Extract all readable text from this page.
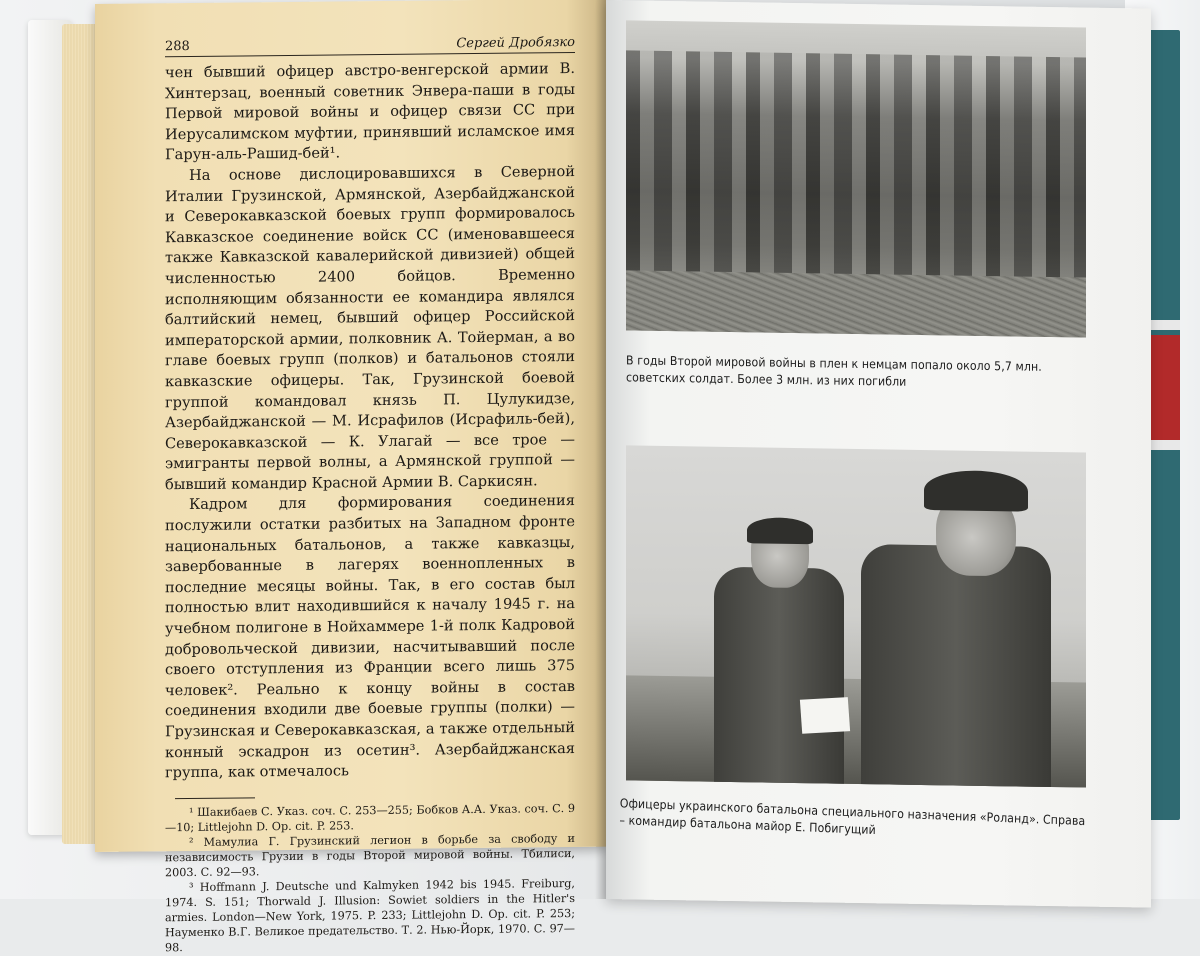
288	Сергей Дробязко

чен бывший офицер австро-венгерской армии В. Хинтерзац, военный советник Энвера-паши в годы Первой мировой войны и офицер связи СС при Иерусалимском муфтии, принявший исламское имя Гарун-аль-Рашид-бей¹.

На основе дислоцировавшихся в Северной Италии Грузинской, Армянской, Азербайджанской и Северокавказской боевых групп формировалось Кавказское соединение войск СС (именовавшееся также Кавказской кавалерийской дивизией) общей численностью 2400 бойцов. Временно исполняющим обязанности ее командира являлся балтийский немец, бывший офицер Российской императорской армии, полковник А. Тойерман, а во главе боевых групп (полков) и батальонов стояли кавказские офицеры. Так, Грузинской боевой группой командовал князь П. Цулукидзе, Азербайджанской — М. Исрафилов (Исрафиль-бей), Северокавказской — К. Улагай — все трое — эмигранты первой волны, а Армянской группой — бывший командир Красной Армии В. Саркисян.

Кадром для формирования соединения послужили остатки разбитых на Западном фронте национальных батальонов, а также кавказцы, завербованные в лагерях военнопленных в последние месяцы войны. Так, в его состав был полностью влит находившийся к началу 1945 г. на учебном полигоне в Нойхаммере 1-й полк Кадровой добровольческой дивизии, насчитывавший после своего отступления из Франции всего лишь 375 человек². Реально к концу войны в состав соединения входили две боевые группы (полки) — Грузинская и Северокавказская, а также отдельный конный эскадрон из осетин³. Азербайджанская группа, как отмечалось

¹ Шакибаев С. Указ. соч. С. 253—255; Бобков А.А. Указ. соч. С. 9—10; Littlejohn D. Op. cit. P. 253.

² Мамулиа Г. Грузинский легион в борьбе за свободу и независимость Грузии в годы Второй мировой войны. Тбилиси, 2003. С. 92—93.

³ Hoffmann J. Deutsche und Kalmyken 1942 bis 1945. Freiburg, 1974. S. 151; Thorwald J. Illusion: Sowiet soldiers in the Hitler's armies. London—New York, 1975. P. 233; Littlejohn D. Op. cit. P. 253; Науменко В.Г. Великое предательство. Т. 2. Нью-Йорк, 1970. С. 97—98.

В годы Второй мировой войны в плен к немцам попало около 5,7 млн. советских солдат. Более 3 млн. из них погибли
Офицеры украинского батальона специального назначения «Роланд». Справа – командир батальона майор Е. Побигущий
